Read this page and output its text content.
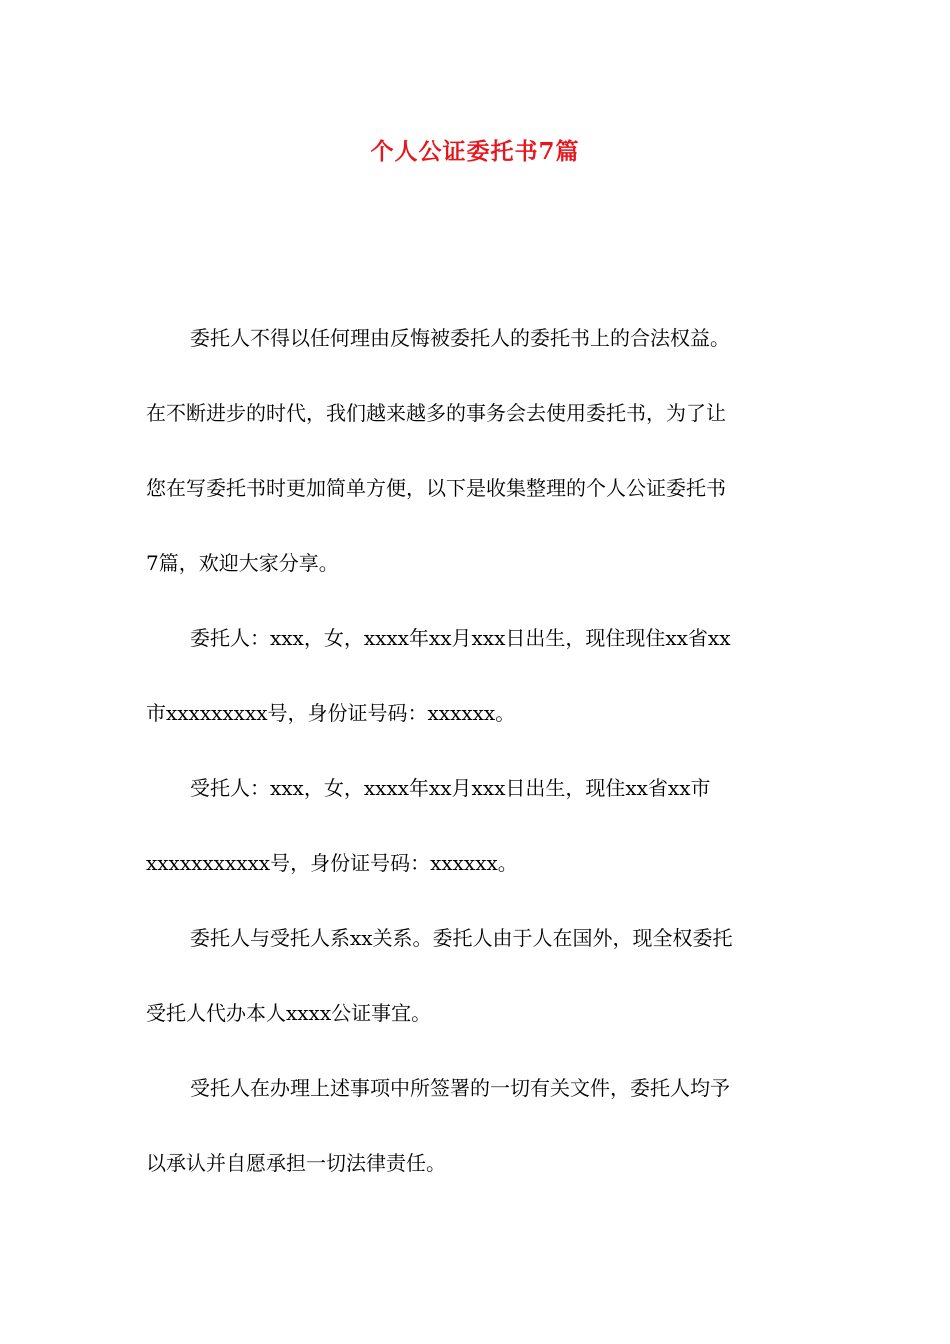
个人公证委托书7篇
委托人不得以任何理由反悔被委托人的委托书上的合法权益。
在不断进步的时代，我们越来越多的事务会去使用委托书，为了让
您在写委托书时更加简单方便，以下是收集整理的个人公证委托书
7篇，欢迎大家分享。
委托人：xxx，女，xxxx年xx月xxx日出生，现住现住xx省xx
市xxxxxxxxx号，身份证号码：xxxxxx。
受托人：xxx，女，xxxx年xx月xxx日出生，现住xx省xx市
xxxxxxxxxxx号，身份证号码：xxxxxx。
委托人与受托人系xx关系。委托人由于人在国外，现全权委托
受托人代办本人xxxx公证事宜。
受托人在办理上述事项中所签署的一切有关文件，委托人均予
以承认并自愿承担一切法律责任。
